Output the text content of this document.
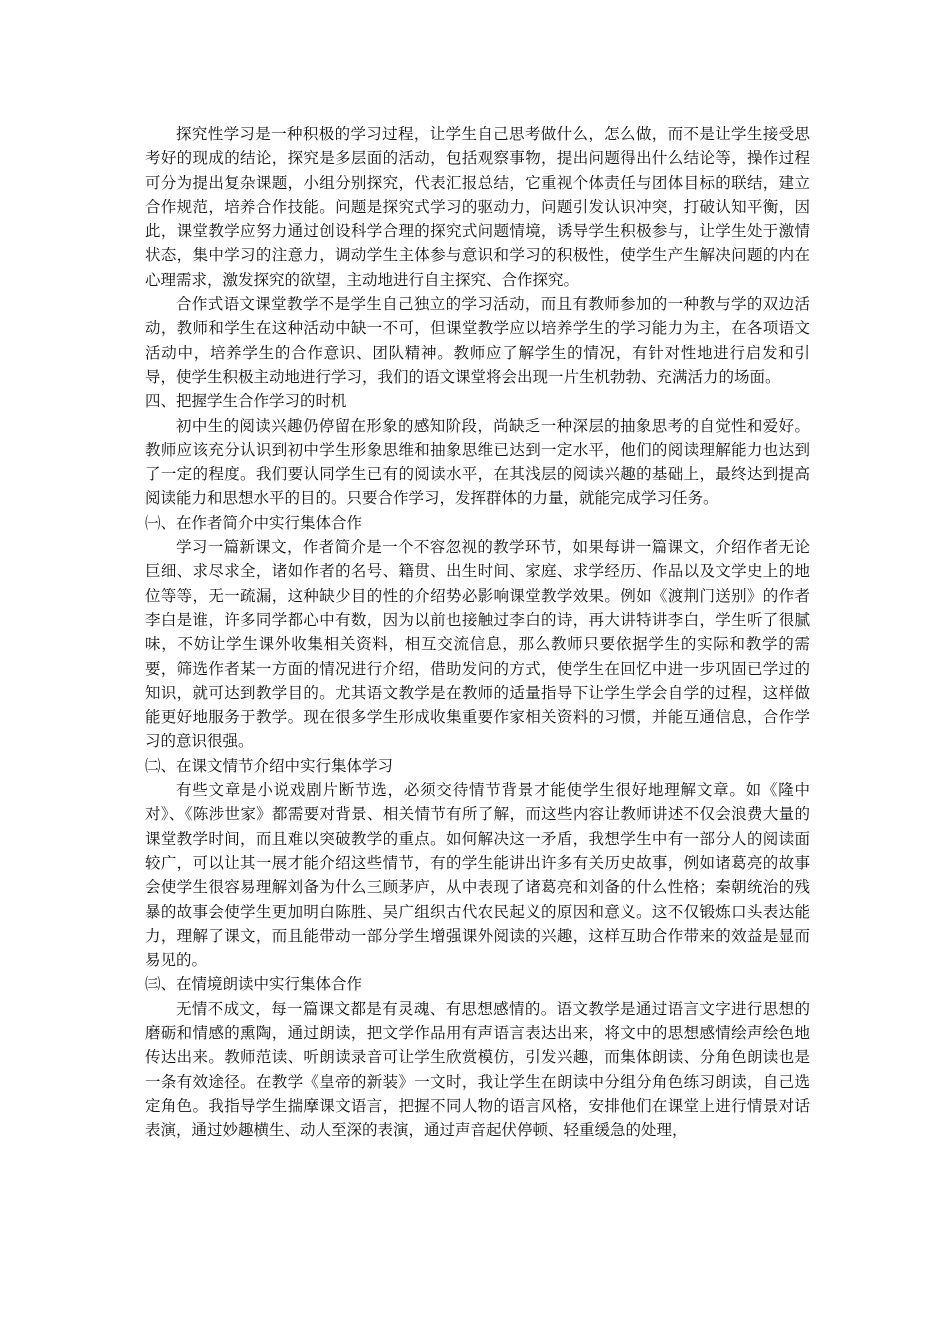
探究性学习是一种积极的学习过程，让学生自己思考做什么，怎么做，而不是让学生接受思考好的现成的结论，探究是多层面的活动，包括观察事物，提出问题得出什么结论等，操作过程可分为提出复杂课题，小组分别探究，代表汇报总结，它重视个体责任与团体目标的联结，建立合作规范，培养合作技能。问题是探究式学习的驱动力，问题引发认识冲突，打破认知平衡，因此，课堂教学应努力通过创设科学合理的探究式问题情境，诱导学生积极参与，让学生处于激情状态，集中学习的注意力，调动学生主体参与意识和学习的积极性，使学生产生解决问题的内在心理需求，激发探究的欲望，主动地进行自主探究、合作探究。

合作式语文课堂教学不是学生自己独立的学习活动，而且有教师参加的一种教与学的双边活动，教师和学生在这种活动中缺一不可，但课堂教学应以培养学生的学习能力为主，在各项语文活动中，培养学生的合作意识、团队精神。教师应了解学生的情况，有针对性地进行启发和引导，使学生积极主动地进行学习，我们的语文课堂将会出现一片生机勃勃、充满活力的场面。

四、把握学生合作学习的时机

初中生的阅读兴趣仍停留在形象的感知阶段，尚缺乏一种深层的抽象思考的自觉性和爱好。教师应该充分认识到初中学生形象思维和抽象思维已达到一定水平，他们的阅读理解能力也达到了一定的程度。我们要认同学生已有的阅读水平，在其浅层的阅读兴趣的基础上，最终达到提高阅读能力和思想水平的目的。只要合作学习，发挥群体的力量，就能完成学习任务。

㈠、在作者简介中实行集体合作

学习一篇新课文，作者简介是一个不容忽视的教学环节，如果每讲一篇课文，介绍作者无论巨细、求尽求全，诸如作者的名号、籍贯、出生时间、家庭、求学经历、作品以及文学史上的地位等等，无一疏漏，这种缺少目的性的介绍势必影响课堂教学效果。例如《渡荆门送别》的作者李白是谁，许多同学都心中有数，因为以前也接触过李白的诗，再大讲特讲李白，学生听了很腻味，不妨让学生课外收集相关资料，相互交流信息，那么教师只要依据学生的实际和教学的需要，筛选作者某一方面的情况进行介绍，借助发问的方式，使学生在回忆中进一步巩固已学过的知识，就可达到教学目的。尤其语文教学是在教师的适量指导下让学生学会自学的过程，这样做能更好地服务于教学。现在很多学生形成收集重要作家相关资料的习惯，并能互通信息，合作学习的意识很强。

㈡、在课文情节介绍中实行集体学习

有些文章是小说戏剧片断节选，必须交待情节背景才能使学生很好地理解文章。如《隆中对》、《陈涉世家》都需要对背景、相关情节有所了解，而这些内容让教师讲述不仅会浪费大量的课堂教学时间，而且难以突破教学的重点。如何解决这一矛盾，我想学生中有一部分人的阅读面较广，可以让其一展才能介绍这些情节，有的学生能讲出许多有关历史故事，例如诸葛亮的故事会使学生很容易理解刘备为什么三顾茅庐，从中表现了诸葛亮和刘备的什么性格；秦朝统治的残暴的故事会使学生更加明白陈胜、吴广组织古代农民起义的原因和意义。这不仅锻炼口头表达能力，理解了课文，而且能带动一部分学生增强课外阅读的兴趣，这样互助合作带来的效益是显而易见的。

㈢、在情境朗读中实行集体合作

无情不成文，每一篇课文都是有灵魂、有思想感情的。语文教学是通过语言文字进行思想的磨砺和情感的熏陶，通过朗读，把文学作品用有声语言表达出来，将文中的思想感情绘声绘色地传达出来。教师范读、听朗读录音可让学生欣赏模仿，引发兴趣，而集体朗读、分角色朗读也是一条有效途径。在教学《皇帝的新装》一文时，我让学生在朗读中分组分角色练习朗读，自己选定角色。我指导学生揣摩课文语言，把握不同人物的语言风格，安排他们在课堂上进行情景对话表演，通过妙趣横生、动人至深的表演，通过声音起伏停顿、轻重缓急的处理，
